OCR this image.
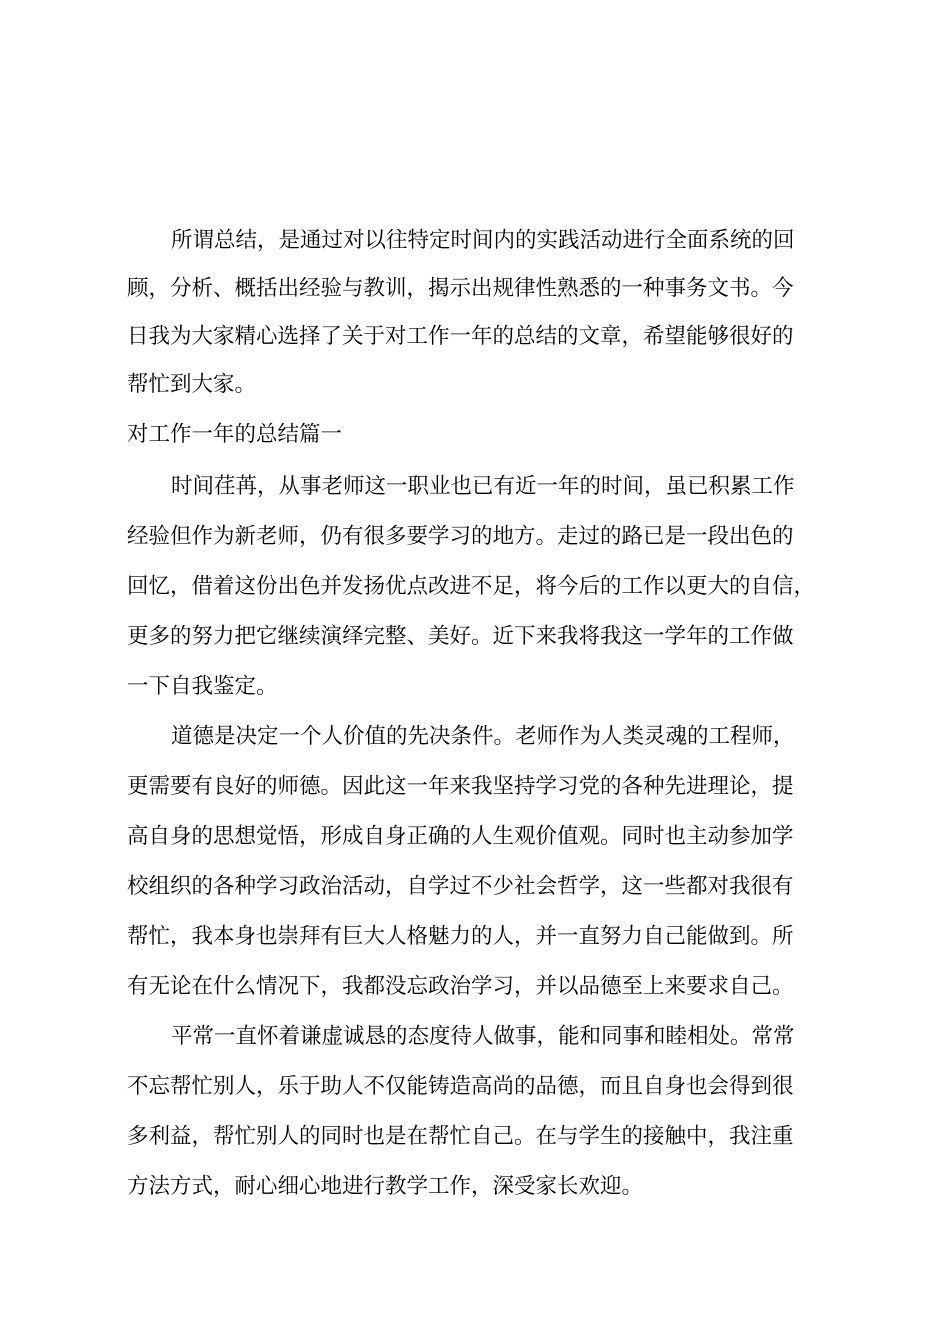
所谓总结，是通过对以往特定时间内的实践活动进行全面系统的回

顾，分析、概括出经验与教训，揭示出规律性熟悉的一种事务文书。今

日我为大家精心选择了关于对工作一年的总结的文章，希望能够很好的

帮忙到大家。

对工作一年的总结篇一

时间荏苒，从事老师这一职业也已有近一年的时间，虽已积累工作

经验但作为新老师，仍有很多要学习的地方。走过的路已是一段出色的

回忆，借着这份出色并发扬优点改进不足，将今后的工作以更大的自信，

更多的努力把它继续演绎完整、美好。近下来我将我这一学年的工作做

一下自我鉴定。

道德是决定一个人价值的先决条件。老师作为人类灵魂的工程师，

更需要有良好的师德。因此这一年来我坚持学习党的各种先进理论，提

高自身的思想觉悟，形成自身正确的人生观价值观。同时也主动参加学

校组织的各种学习政治活动，自学过不少社会哲学，这一些都对我很有

帮忙，我本身也崇拜有巨大人格魅力的人，并一直努力自己能做到。所

有无论在什么情况下，我都没忘政治学习，并以品德至上来要求自己。

平常一直怀着谦虚诚恳的态度待人做事，能和同事和睦相处。常常

不忘帮忙别人，乐于助人不仅能铸造高尚的品德，而且自身也会得到很

多利益，帮忙别人的同时也是在帮忙自己。在与学生的接触中，我注重

方法方式，耐心细心地进行教学工作，深受家长欢迎。
